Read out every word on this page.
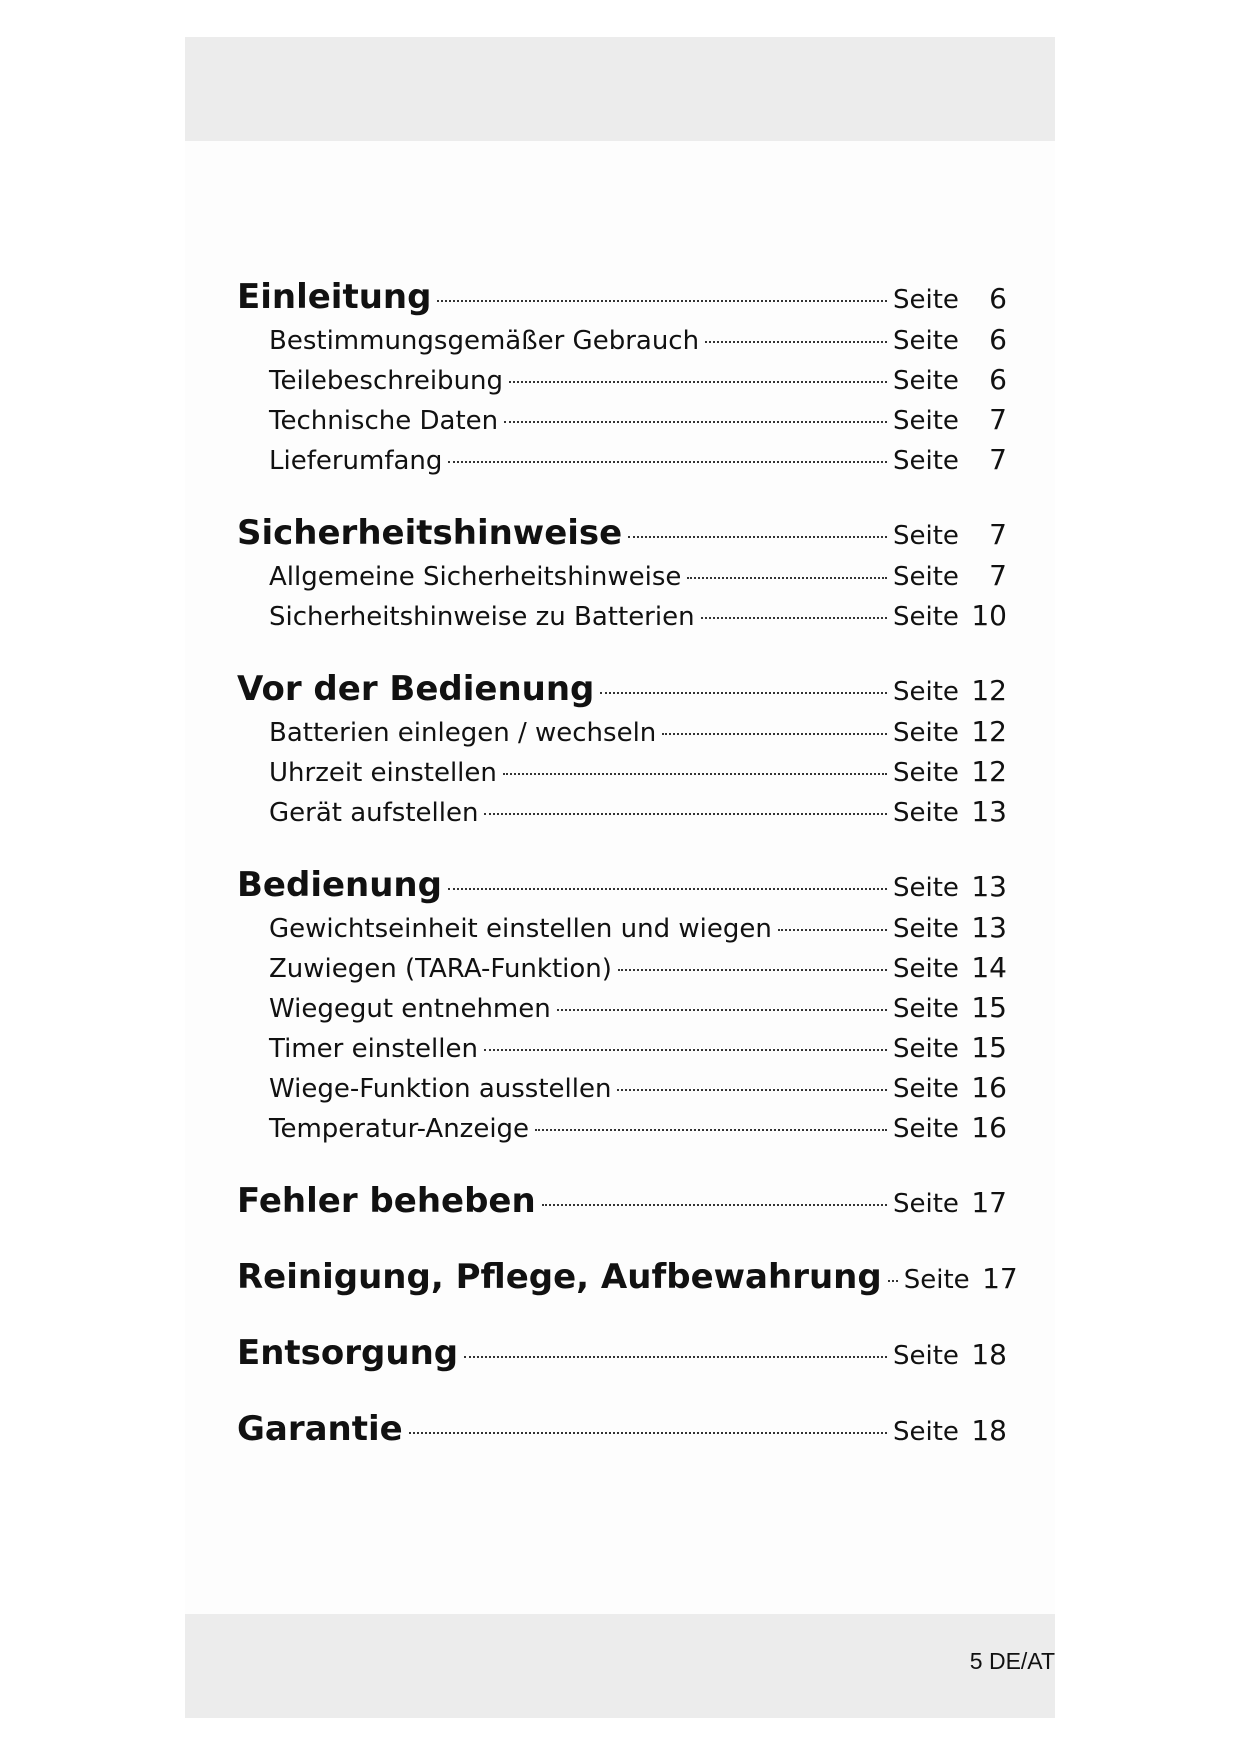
Einleitung	Seite	6
Bestimmungsgemäßer Gebrauch	Seite	6
Teilebeschreibung	Seite	6
Technische Daten	Seite	7
Lieferumfang	Seite	7
Sicherheitshinweise	Seite	7
Allgemeine Sicherheitshinweise	Seite	7
Sicherheitshinweise zu Batterien	Seite 10
Vor der Bedienung	Seite 12
Batterien einlegen / wechseln	Seite 12
Uhrzeit einstellen	Seite 12
Gerät aufstellen	Seite 13
Bedienung	Seite 13
Gewichtseinheit einstellen und wiegen	Seite 13
Zuwiegen (TARA-Funktion)	Seite 14
Wiegegut entnehmen	Seite 15
Timer einstellen	Seite 15
Wiege-Funktion ausstellen	Seite 16
Temperatur-Anzeige	Seite 16
Fehler beheben	Seite 17
Reinigung, Pflege, Aufbewahrung Seite 17
Entsorgung	Seite 18
Garantie	Seite 18
5 DE/AT
